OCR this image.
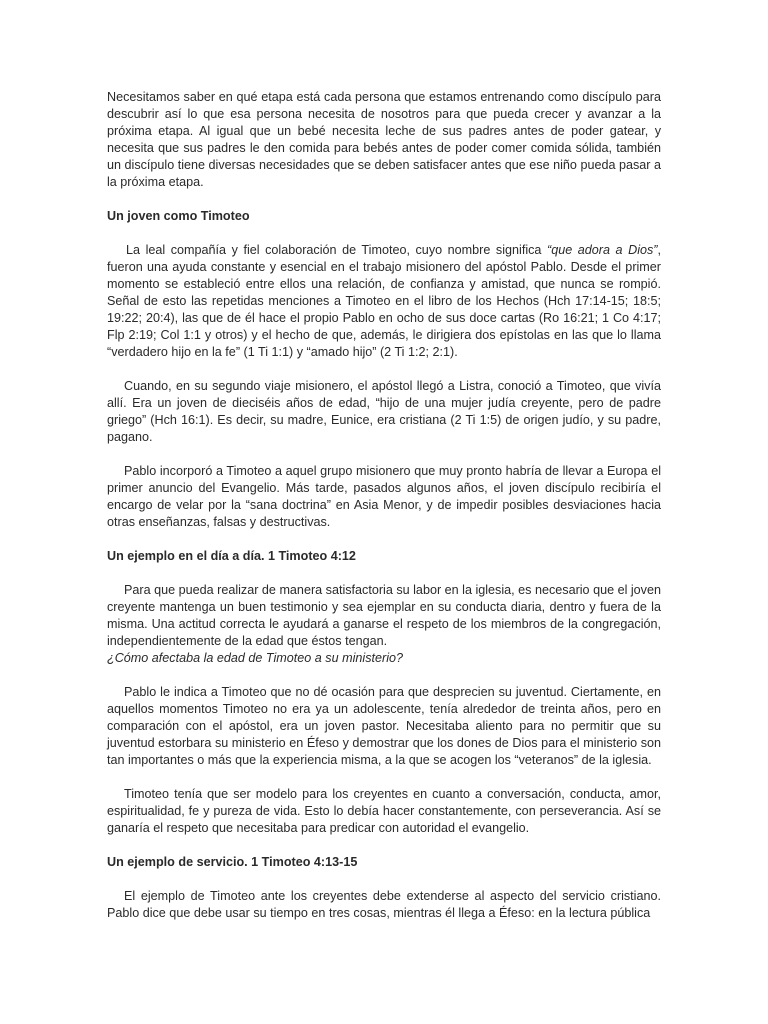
Necesitamos saber en qué etapa está cada persona que estamos entrenando como discípulo para descubrir así lo que esa persona necesita de nosotros para que pueda crecer y avanzar a la próxima etapa. Al igual que un bebé necesita leche de sus padres antes de poder gatear, y necesita que sus padres le den comida para bebés antes de poder comer comida sólida, también un discípulo tiene diversas necesidades que se deben satisfacer antes que ese niño pueda pasar a la próxima etapa.

Un joven como Timoteo

La leal compañía y fiel colaboración de Timoteo, cuyo nombre significa “que adora a Dios”, fueron una ayuda constante y esencial en el trabajo misionero del apóstol Pablo. Desde el primer momento se estableció entre ellos una relación, de confianza y amistad, que nunca se rompió. Señal de esto las repetidas menciones a Timoteo en el libro de los Hechos (Hch 17:14-15; 18:5; 19:22; 20:4), las que de él hace el propio Pablo en ocho de sus doce cartas (Ro 16:21; 1 Co 4:17; Flp 2:19; Col 1:1 y otros) y el hecho de que, además, le dirigiera dos epístolas en las que lo llama “verdadero hijo en la fe” (1 Ti 1:1) y “amado hijo” (2 Ti 1:2; 2:1).

Cuando, en su segundo viaje misionero, el apóstol llegó a Listra, conoció a Timoteo, que vivía allí. Era un joven de dieciséis años de edad, “hijo de una mujer judía creyente, pero de padre griego” (Hch 16:1). Es decir, su madre, Eunice, era cristiana (2 Ti 1:5) de origen judío, y su padre, pagano.

Pablo incorporó a Timoteo a aquel grupo misionero que muy pronto habría de llevar a Europa el primer anuncio del Evangelio. Más tarde, pasados algunos años, el joven discípulo recibiría el encargo de velar por la “sana doctrina” en Asia Menor, y de impedir posibles desviaciones hacia otras enseñanzas, falsas y destructivas.

Un ejemplo en el día a día. 1 Timoteo 4:12

Para que pueda realizar de manera satisfactoria su labor en la iglesia, es necesario que el joven creyente mantenga un buen testimonio y sea ejemplar en su conducta diaria, dentro y fuera de la misma. Una actitud correcta le ayudará a ganarse el respeto de los miembros de la congregación, independientemente de la edad que éstos tengan.

¿Cómo afectaba la edad de Timoteo a su ministerio?

Pablo le indica a Timoteo que no dé ocasión para que desprecien su juventud. Ciertamente, en aquellos momentos Timoteo no era ya un adolescente, tenía alrededor de treinta años, pero en comparación con el apóstol, era un joven pastor. Necesitaba aliento para no permitir que su juventud estorbara su ministerio en Éfeso y demostrar que los dones de Dios para el ministerio son tan importantes o más que la experiencia misma, a la que se acogen los “veteranos” de la iglesia.

Timoteo tenía que ser modelo para los creyentes en cuanto a conversación, conducta, amor, espiritualidad, fe y pureza de vida. Esto lo debía hacer constantemente, con perseverancia. Así se ganaría el respeto que necesitaba para predicar con autoridad el evangelio.

Un ejemplo de servicio. 1 Timoteo 4:13-15

El ejemplo de Timoteo ante los creyentes debe extenderse al aspecto del servicio cristiano. Pablo dice que debe usar su tiempo en tres cosas, mientras él llega a Éfeso: en la lectura pública
